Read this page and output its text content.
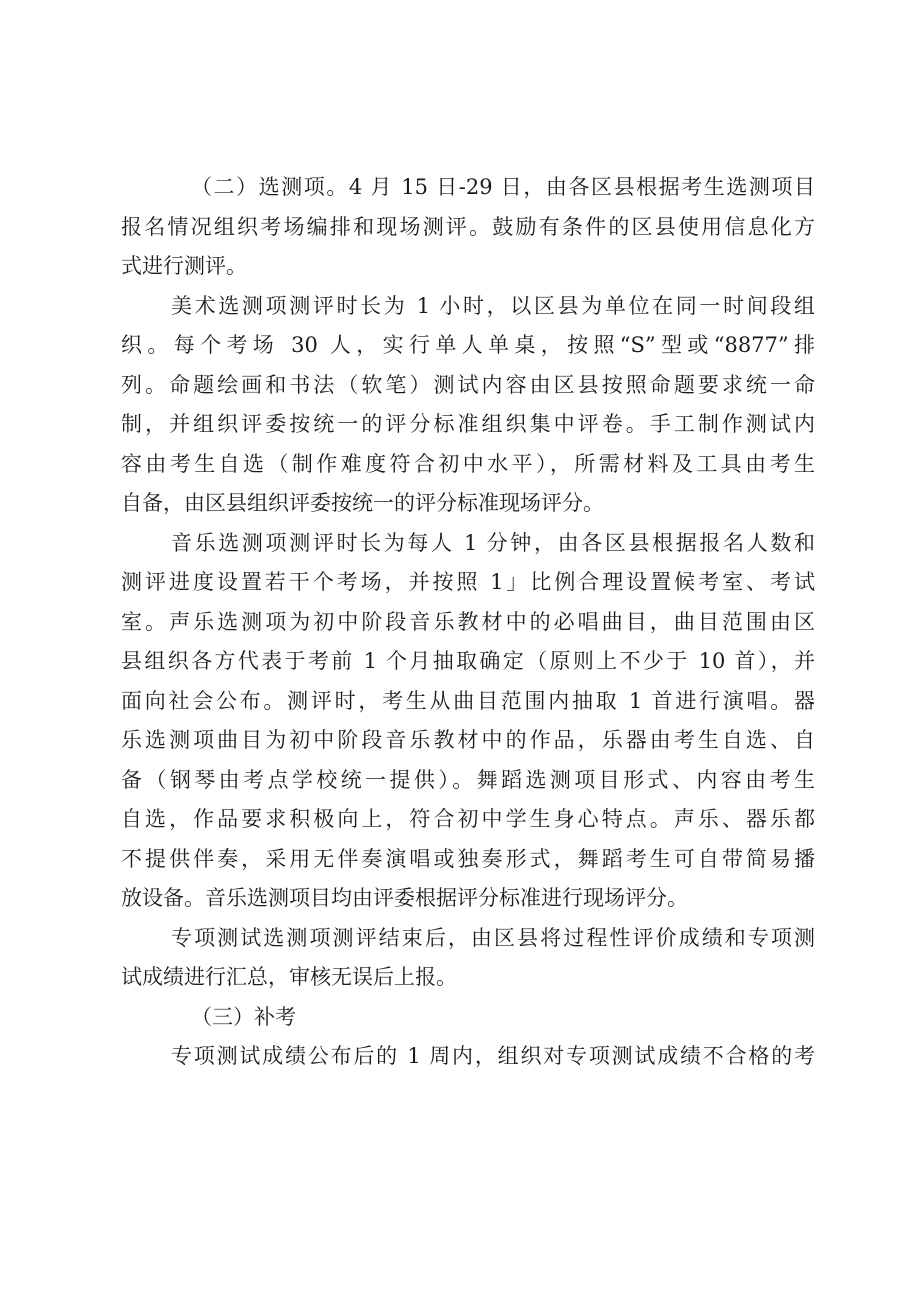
（二）选测项。4 月 15 日-29 日，由各区县根据考生选测项目
报名情况组织考场编排和现场测评。鼓励有条件的区县使用信息化方
式进行测评。
美术选测项测评时长为 1 小时，以区县为单位在同一时间段组
织。每个考场 30 人，实行单人单桌，按照“S”型或“8877”排
列。命题绘画和书法（软笔）测试内容由区县按照命题要求统一命
制，并组织评委按统一的评分标准组织集中评卷。手工制作测试内
容由考生自选（制作难度符合初中水平），所需材料及工具由考生
自备，由区县组织评委按统一的评分标准现场评分。
音乐选测项测评时长为每人 1 分钟，由各区县根据报名人数和
测评进度设置若干个考场，并按照 1」比例合理设置候考室、考试
室。声乐选测项为初中阶段音乐教材中的必唱曲目，曲目范围由区
县组织各方代表于考前 1 个月抽取确定（原则上不少于 10 首），并
面向社会公布。测评时，考生从曲目范围内抽取 1 首进行演唱。器
乐选测项曲目为初中阶段音乐教材中的作品，乐器由考生自选、自
备（钢琴由考点学校统一提供）。舞蹈选测项目形式、内容由考生
自选，作品要求积极向上，符合初中学生身心特点。声乐、器乐都
不提供伴奏，采用无伴奏演唱或独奏形式，舞蹈考生可自带简易播
放设备。音乐选测项目均由评委根据评分标准进行现场评分。
专项测试选测项测评结束后，由区县将过程性评价成绩和专项测
试成绩进行汇总，审核无误后上报。
（三）补考
专项测试成绩公布后的 1 周内，组织对专项测试成绩不合格的考
